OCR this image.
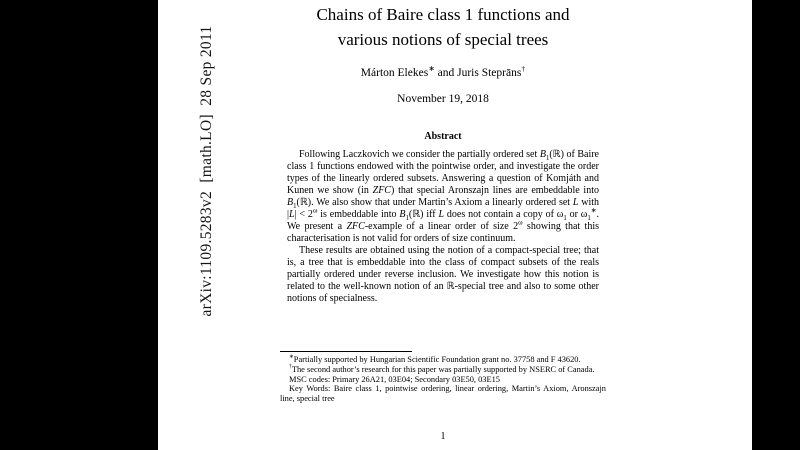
arXiv:1109.5283v2  [math.LO]  28 Sep 2011
Chains of Baire class 1 functions and
various notions of special trees
Márton Elekes∗ and Juris Steprāns†
November 19, 2018
Abstract

Following Laczkovich we consider the partially ordered set $B_1(ℝ)$ of Baire class 1 functions endowed with the pointwise order, and investigate the order types of the linearly ordered subsets. Answering a question of Komjáth and Kunen we show (in ZFC) that special Aronszajn lines are embeddable into $B_1(ℝ)$. We also show that under Martin’s Axiom a linearly ordered set L with $|L| < 2^\omega$ is embeddable into $B_1(ℝ)$ iff L does not contain a copy of $\omega_1$ or $\omega_1^∗$. We present a ZFC-example of a linear order of size $2^\omega$ showing that this characterisation is not valid for orders of size continuum.

These results are obtained using the notion of a compact-special tree; that is, a tree that is embeddable into the class of compact subsets of the reals partially ordered under reverse inclusion. We investigate how this notion is related to the well-known notion of an ℝ-special tree and also to some other notions of specialness.

∗Partially supported by Hungarian Scientific Foundation grant no. 37758 and F 43620.

†The second author’s research for this paper was partially supported by NSERC of Canada.

MSC codes: Primary 26A21, 03E04; Secondary 03E50, 03E15

Key Words: Baire class 1, pointwise ordering, linear ordering, Martin’s Axiom, Aronszajn line, special tree

1
